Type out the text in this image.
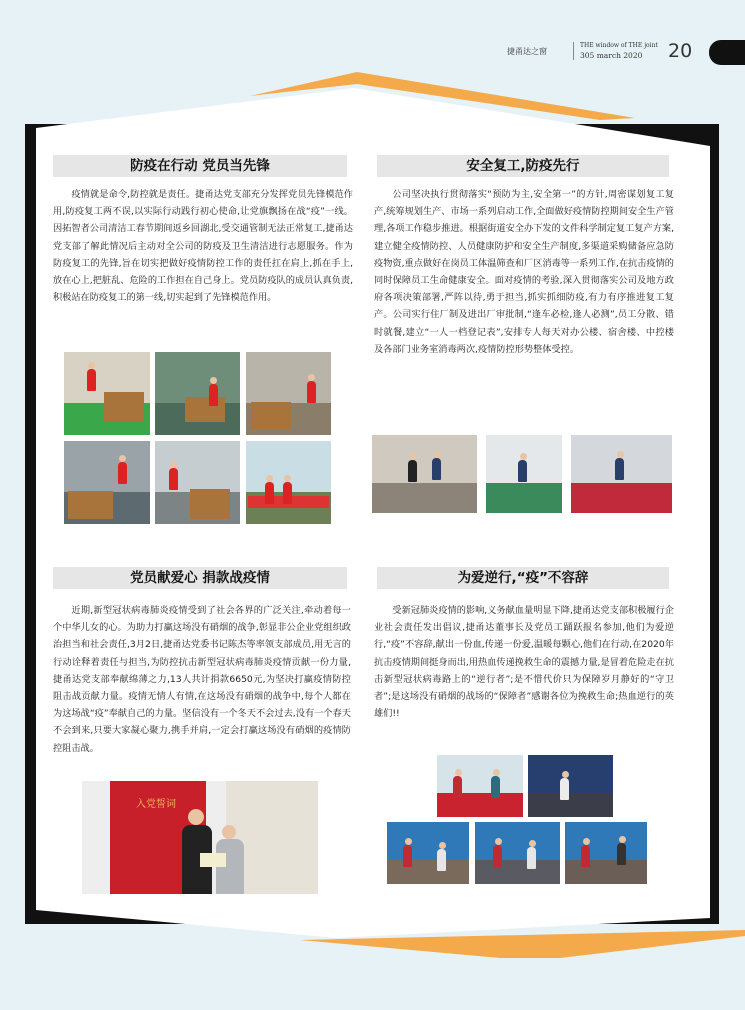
捷甬达之窗
THE window of THE joint
305 march 2020	20
防疫在行动 党员当先锋
疫情就是命令,防控就是责任。捷甬达党支部充分发挥党员先锋模范作用,防疫复工两不误,以实际行动践行初心使命,让党旗飘扬在战“疫”一线。因拓智者公司清洁工春节期间返乡回湖北,受交通管制无法正常复工,捷甬达党支部了解此情况后主动对全公司的防疫及卫生清洁进行志愿服务。作为防疫复工的先锋,旨在切实把做好疫情防控工作的责任扛在肩上,抓在手上,放在心上,把脏乱、危险的工作担在自己身上。党员防疫队的成员认真负责,积极站在防疫复工的第一线,切实起到了先锋模范作用。
安全复工,防疫先行
公司坚决执行贯彻落实“预防为主,安全第一”的方针,周密谋划复工复产,统筹规划生产、市场一系列启动工作,全面做好疫情防控期间安全生产管理,各项工作稳步推进。根据街道安全办下发的文件科学制定复工复产方案,建立健全疫情防控、人员健康防护和安全生产制度,多渠道采购储备应急防疫物资,重点做好在岗员工体温筛查和厂区消毒等一系列工作,在抗击疫情的同时保障员工生命健康安全。面对疫情的考验,深入贯彻落实公司及地方政府各项决策部署,严阵以待,勇于担当,抓实抓细防疫,有力有序推进复工复产。公司实行住厂制及进出厂审批制,“逢车必检,逢人必测”,员工分散、错时就餐,建立“一人一档登记表”,安排专人每天对办公楼、宿舍楼、中控楼及各部门业务室消毒两次,疫情防控形势整体受控。
党员献爱心 捐款战疫情
近期,新型冠状病毒肺炎疫情受到了社会各界的广泛关注,牵动着每一个中华儿女的心。为助力打赢这场没有硝烟的战争,彰显非公企业党组织政治担当和社会责任,3月2日,捷甬达党委书记陈杰等率领支部成员,用无言的行动诠释着责任与担当,为防控抗击新型冠状病毒肺炎疫情贡献一份力量,捷甬达党支部奉献绵薄之力,13人共计捐款6650元,为坚决打赢疫情防控阻击战贡献力量。疫情无情人有情,在这场没有硝烟的战争中,每个人都在为这场战“疫”奉献自己的力量。坚信没有一个冬天不会过去,没有一个春天不会到来,只要大家凝心聚力,携手并肩,一定会打赢这场没有硝烟的疫情防控阻击战。
入党誓词
为爱逆行,“疫”不容辞
受新冠肺炎疫情的影响,义务献血量明显下降,捷甬达党支部积极履行企业社会责任发出倡议,捷甬达董事长及党员工踊跃报名参加,他们为爱逆行,“疫”不容辞,献出一份血,传递一份爱,温暖每颗心,他们在行动,在2020年抗击疫情期间挺身而出,用热血传递挽救生命的震撼力量,是冒着危险走在抗击新型冠状病毒路上的“逆行者”;是不惜代价只为保障岁月静好的“守卫者”;是这场没有硝烟的战场的“保障者”感谢各位为挽救生命;热血逆行的英雄们!!
